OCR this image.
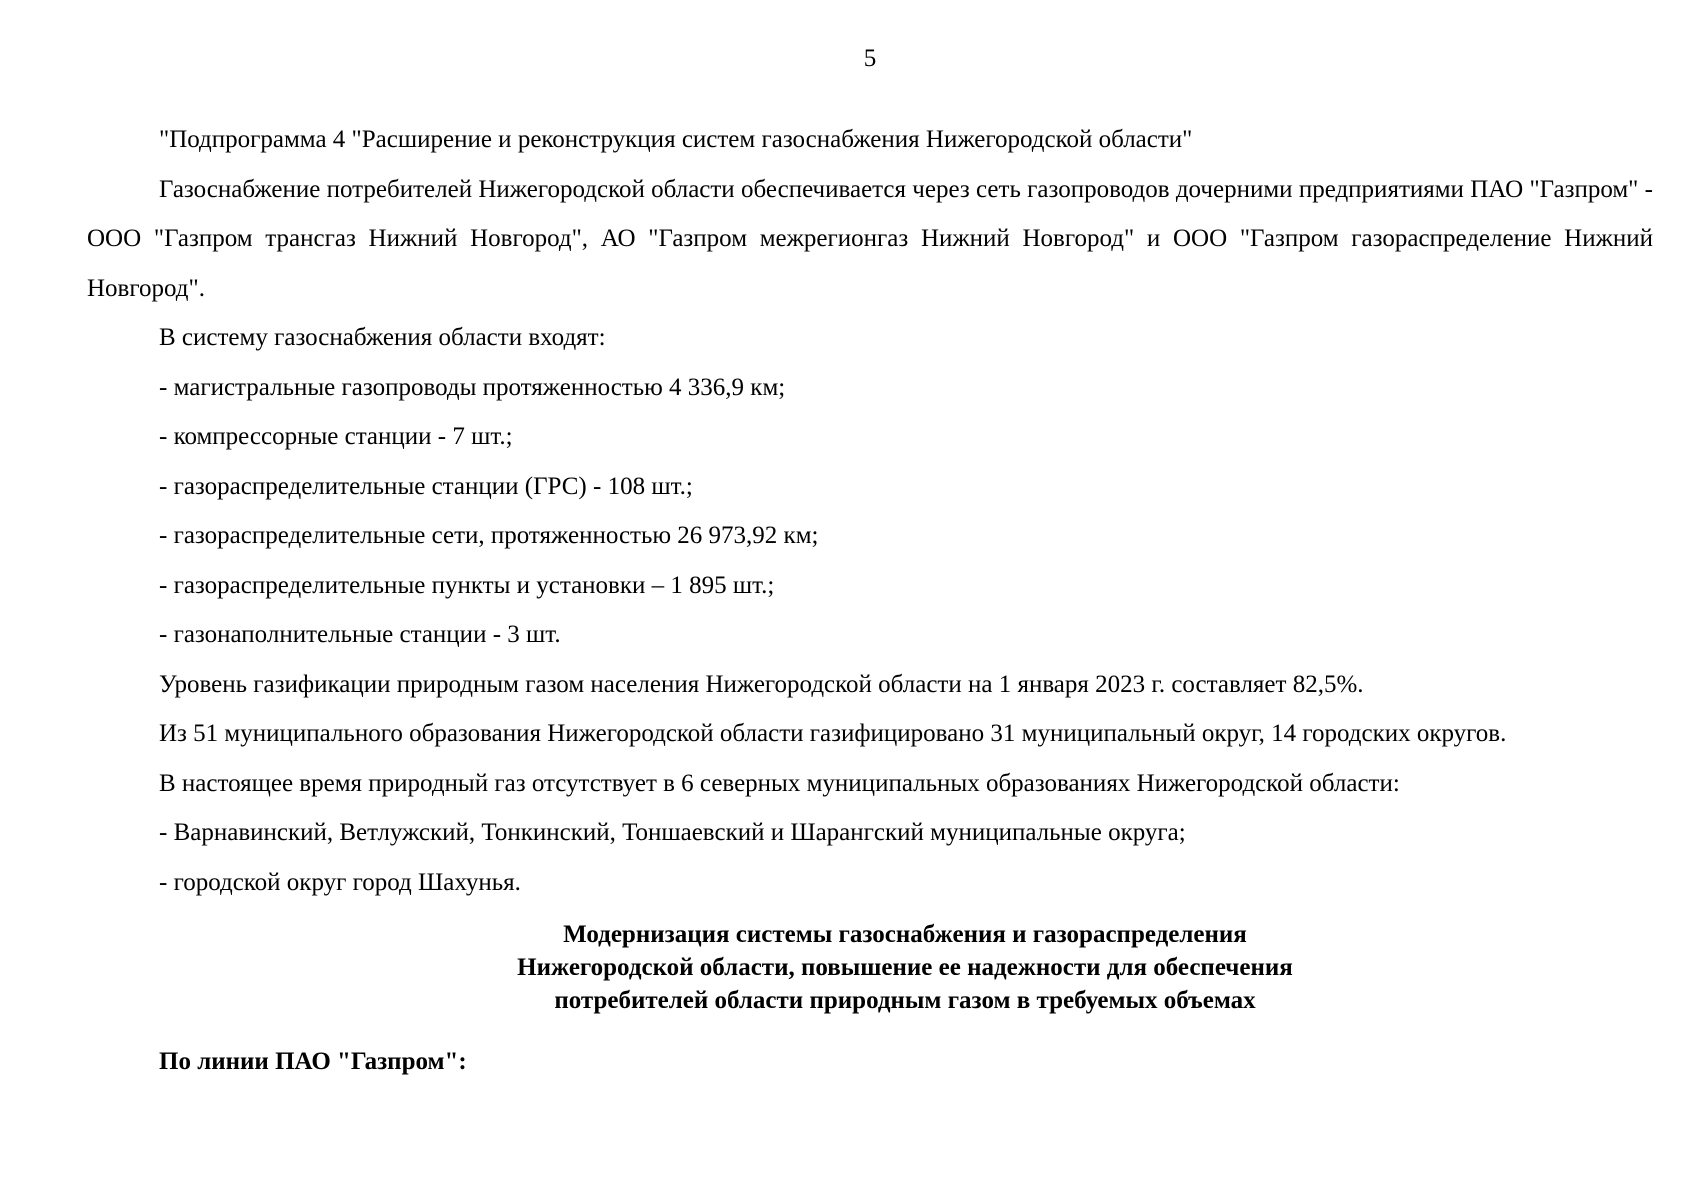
5

"Подпрограмма 4 "Расширение и реконструкция систем газоснабжения Нижегородской области"

Газоснабжение потребителей Нижегородской области обеспечивается через сеть газопроводов дочерними предприятиями ПАО "Газпром" - ООО "Газпром трансгаз Нижний Новгород", АО "Газпром межрегионгаз Нижний Новгород" и ООО "Газпром газораспределение Нижний Новгород".

В систему газоснабжения области входят:

- магистральные газопроводы протяженностью 4 336,9 км;

- компрессорные станции - 7 шт.;

- газораспределительные станции (ГРС) - 108 шт.;

- газораспределительные сети, протяженностью 26 973,92 км;

- газораспределительные пункты и установки – 1 895 шт.;

- газонаполнительные станции - 3 шт.

Уровень газификации природным газом населения Нижегородской области на 1 января 2023 г. составляет 82,5%.

Из 51 муниципального образования Нижегородской области газифицировано 31 муниципальный округ, 14 городских округов.

В настоящее время природный газ отсутствует в 6 северных муниципальных образованиях Нижегородской области:

- Варнавинский, Ветлужский, Тонкинский, Тоншаевский и Шарангский муниципальные округа;

- городской округ город Шахунья.

Модернизация системы газоснабжения и газораспределения
Нижегородской области, повышение ее надежности для обеспечения
потребителей области природным газом в требуемых объемах
По линии ПАО "Газпром":
